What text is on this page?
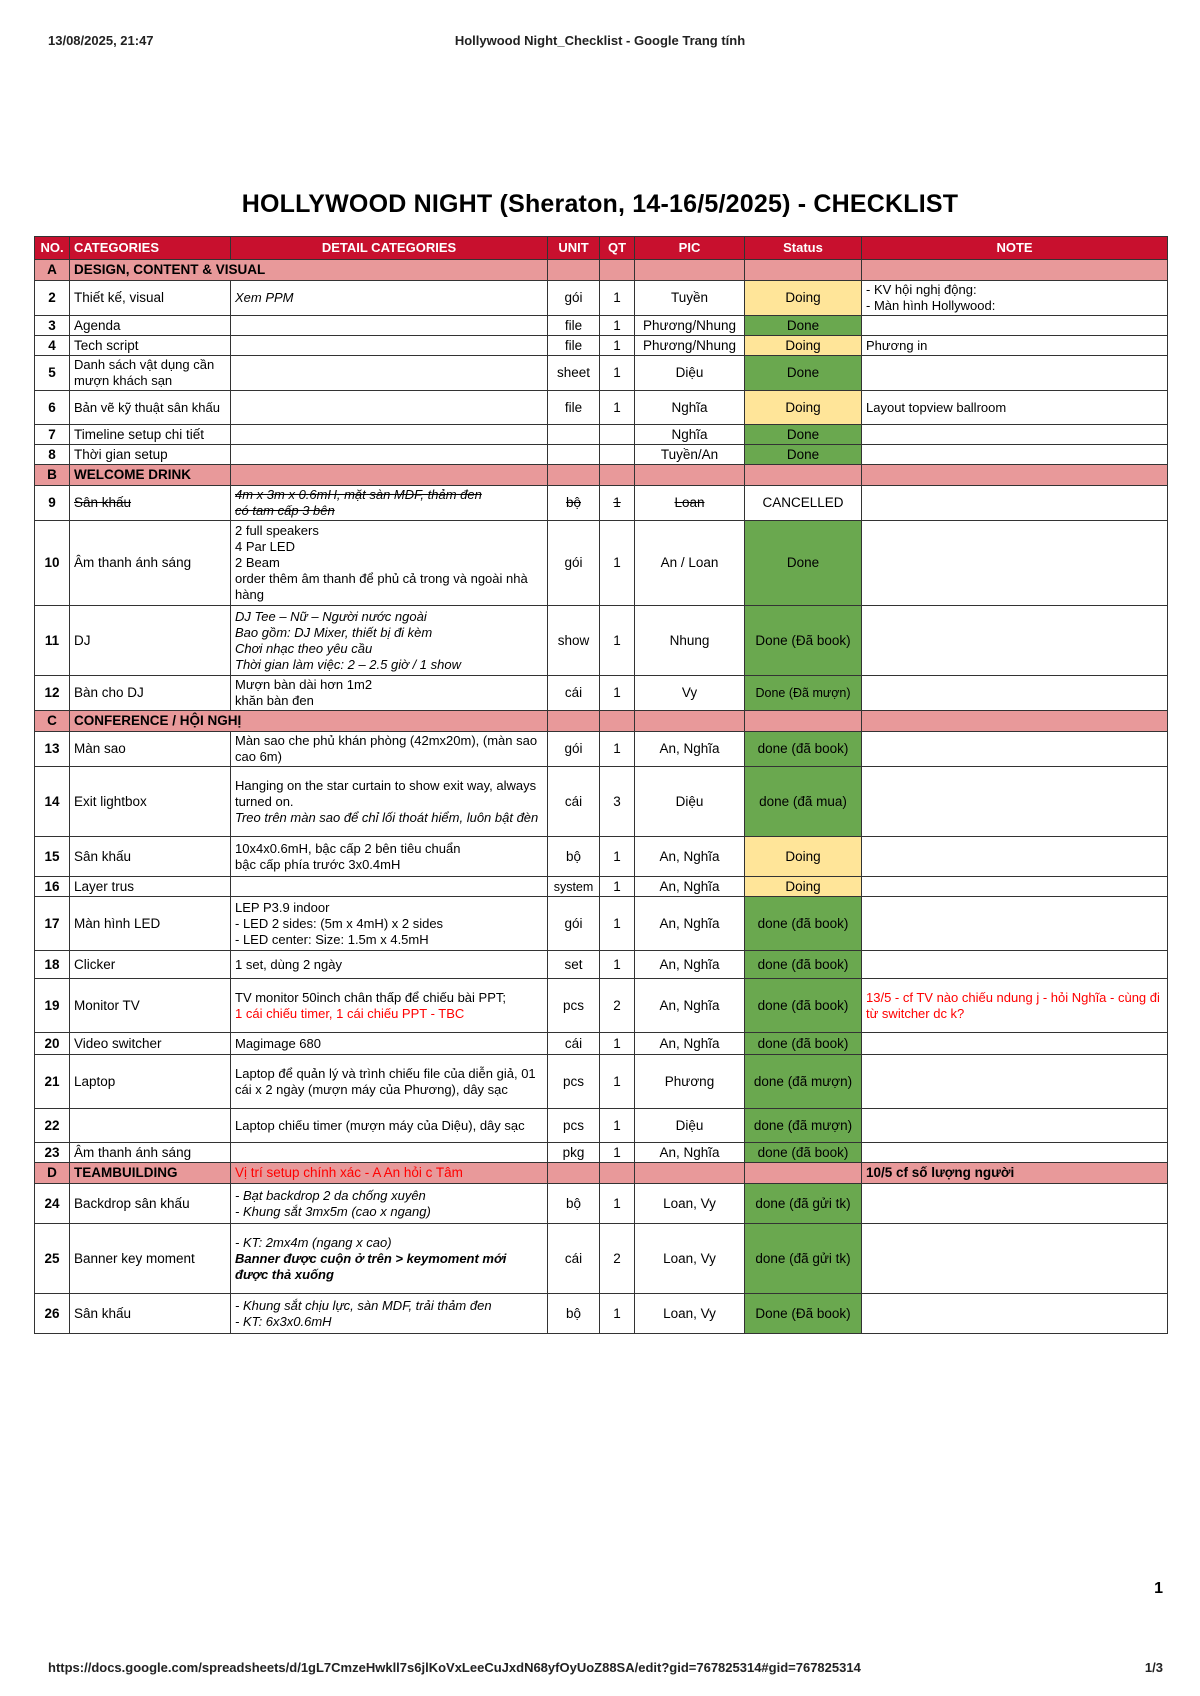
13/08/2025, 21:47	Hollywood Night_Checklist - Google Trang tính
HOLLYWOOD NIGHT (Sheraton, 14-16/5/2025) - CHECKLIST
NO.	CATEGORIES	DETAIL CATEGORIES	UNIT	QT	PIC	Status	NOTE
A	DESIGN, CONTENT & VISUAL						
2	Thiết kế, visual	Xem PPM	gói	1	Tuyền	Doing	- KV hội nghị động:
- Màn hình Hollywood:

3	Agenda		file	1	Phương/Nhung	Done	
4	Tech script		file	1	Phương/Nhung	Doing	Phương in
5	Danh sách vật dụng cần mượn khách sạn		sheet	1	Diệu	Done	
6	Bản vẽ kỹ thuật sân khấu		file	1	Nghĩa	Doing	Layout topview ballroom
7	Timeline setup chi tiết				Nghĩa	Done	
8	Thời gian setup				Tuyền/An	Done	
B	WELCOME DRINK						
9	Sân khấu	4m x 3m x 0.6mH, mặt sàn MDF, thảm đen
có tam cấp 3 bên	bộ	1	Loan	CANCELLED	
10	Âm thanh ánh sáng	2 full speakers
4 Par LED
2 Beam
order thêm âm thanh để phủ cả trong và ngoài nhà hàng	gói	1	An / Loan	Done	
11	DJ	DJ Tee – Nữ – Người nước ngoài
Bao gồm: DJ Mixer, thiết bị đi kèm
Chơi nhạc theo yêu cầu
Thời gian làm việc: 2 – 2.5 giờ / 1 show	show	1	Nhung	Done (Đã book)	
12	Bàn cho DJ	Mượn bàn dài hơn 1m2
khăn bàn đen	cái	1	Vy	Done (Đã mượn)	
C	CONFERENCE / HỘI NGHỊ						
13	Màn sao	Màn sao che phủ khán phòng (42mx20m), (màn sao cao 6m)	gói	1	An, Nghĩa	done (đã book)	
14	Exit lightbox	Hanging on the star curtain to show exit way, always turned on.
Treo trên màn sao để chỉ lối thoát hiểm, luôn bật đèn	cái	3	Diệu	done (đã mua)	
15	Sân khấu	10x4x0.6mH, bậc cấp 2 bên tiêu chuẩn
bậc cấp phía trước 3x0.4mH	bộ	1	An, Nghĩa	Doing	
16	Layer trus		system	1	An, Nghĩa	Doing	
17	Màn hình LED	LEP P3.9 indoor
- LED 2 sides: (5m x 4mH) x 2 sides
- LED center: Size: 1.5m x 4.5mH	gói	1	An, Nghĩa	done (đã book)	
18	Clicker	1 set, dùng 2 ngày	set	1	An, Nghĩa	done (đã book)	
19	Monitor TV	TV monitor 50inch chân thấp để chiếu bài PPT;
1 cái chiếu timer, 1 cái chiếu PPT - TBC	pcs	2	An, Nghĩa	done (đã book)	13/5 - cf TV nào chiếu ndung j - hỏi Nghĩa - cùng đi từ switcher dc k?
20	Video switcher	Magimage 680	cái	1	An, Nghĩa	done (đã book)	
21	Laptop	Laptop để quản lý và trình chiếu file của diễn giả, 01 cái x 2 ngày (mượn máy của Phương), dây sạc	pcs	1	Phương	done (đã mượn)	
22		Laptop chiếu timer (mượn máy của Diệu), dây sạc	pcs	1	Diệu	done (đã mượn)	
23	Âm thanh ánh sáng		pkg	1	An, Nghĩa	done (đã book)	
D	TEAMBUILDING	Vị trí setup chính xác - A An hỏi c Tâm					10/5 cf số lượng người
24	Backdrop sân khấu	- Bạt backdrop 2 da chống xuyên
- Khung sắt 3mx5m (cao x ngang)	bộ	1	Loan, Vy	done (đã gửi tk)	
25	Banner key moment	- KT: 2mx4m (ngang x cao)
Banner được cuộn ở trên > keymoment mới được thả xuống	cái	2	Loan, Vy	done (đã gửi tk)	
26	Sân khấu	- Khung sắt chịu lực, sàn MDF, trải thảm đen
- KT: 6x3x0.6mH	bộ	1	Loan, Vy	Done (Đã book)	
1
https://docs.google.com/spreadsheets/d/1gL7CmzeHwkll7s6jlKoVxLeeCuJxdN68yfOyUoZ88SA/edit?gid=767825314#gid=767825314	1/3
